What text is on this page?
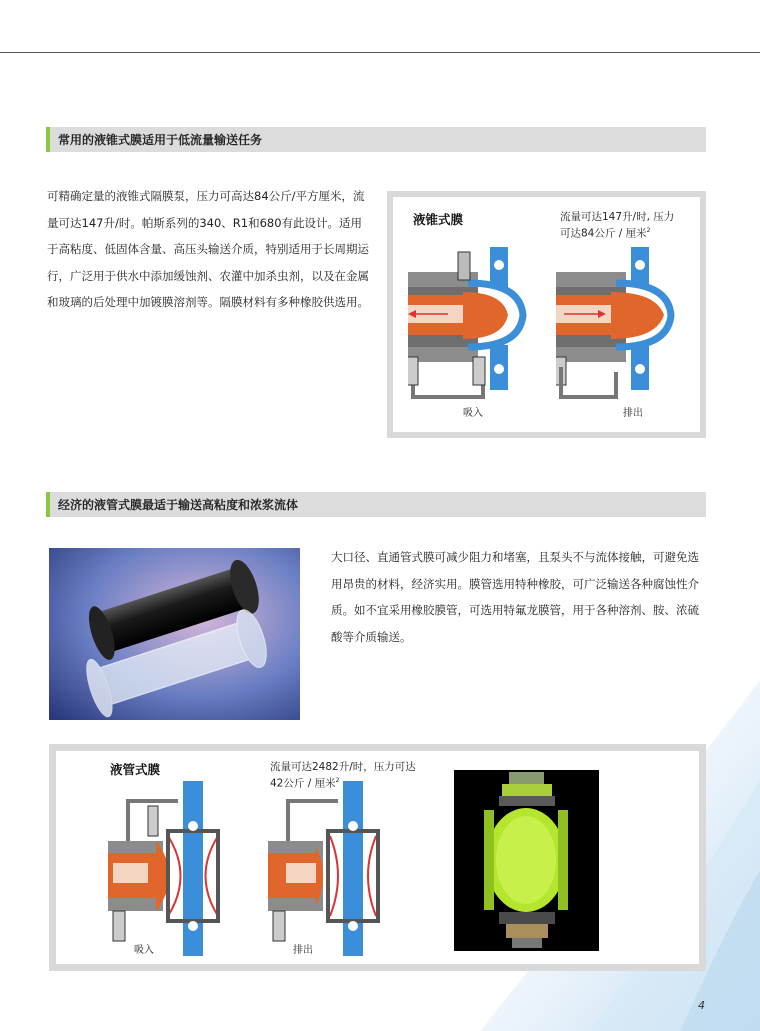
常用的液锥式膜适用于低流量输送任务
可精确定量的液锥式隔膜泵，压力可高达84公斤/平方厘米，流量可达147升/时。帕斯系列的340、R1和680有此设计。适用于高粘度、低固体含量、高压头输送介质，特别适用于长周期运行，广泛用于供水中添加缓蚀剂、农灌中加杀虫剂，以及在金属和玻璃的后处理中加镀膜溶剂等。隔膜材料有多种橡胶供选用。
液锥式膜	流量可达147升/时, 压力
可达84公斤 / 厘米$^2$
吸入	排出
经济的液管式膜最适于输送高粘度和浓浆流体
大口径、直通管式膜可减少阻力和堵塞，且泵头不与流体接触，可避免选用昂贵的材料，经济实用。膜管选用特种橡胶，可广泛输送各种腐蚀性介质。如不宜采用橡胶膜管，可选用特氟龙膜管，用于各种溶剂、胺、浓硫酸等介质输送。
液管式膜	流量可达2482升/时，压力可达
42公斤 / 厘米$^2$
吸入	排出
4
